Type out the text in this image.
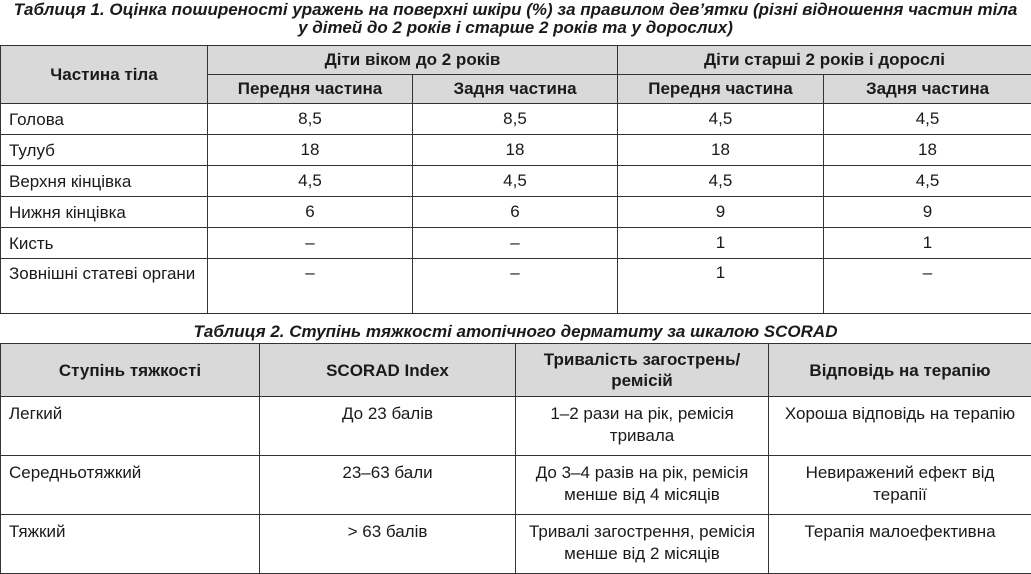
Таблиця 1. Оцінка поширеності уражень на поверхні шкіри (%) за правилом дев’ятки (різні відношення частин тіла у дітей до 2 років і старше 2 років та у дорослих)
Частина тіла	Діти віком до 2 років		Діти старші 2 років і дорослі	
	Передня частина	Задня частина	Передня частина	Задня частина
Голова	8,5	8,5	4,5	4,5
Тулуб	18	18	18	18
Верхня кінцівка	4,5	4,5	4,5	4,5
Нижня кінцівка	6	6	9	9
Кисть	–	–	1	1
Зовнішні статеві органи	–	–	1	–
Таблиця 2. Ступінь тяжкості атопічного дерматиту за шкалою SCORAD
Ступінь тяжкості	SCORAD Index	Тривалість загострень/ ремісій	Відповідь на терапію
Легкий	До 23 балів	1–2 рази на рік, ремісія тривала	Хороша відповідь на терапію
Середньотяжкий	23–63 бали	До 3–4 разів на рік, ремісія менше від 4 місяців	Невиражений ефект від терапії
Тяжкий	> 63 балів	Тривалі загострення, ремісія менше від 2 місяців	Терапія малоефективна
